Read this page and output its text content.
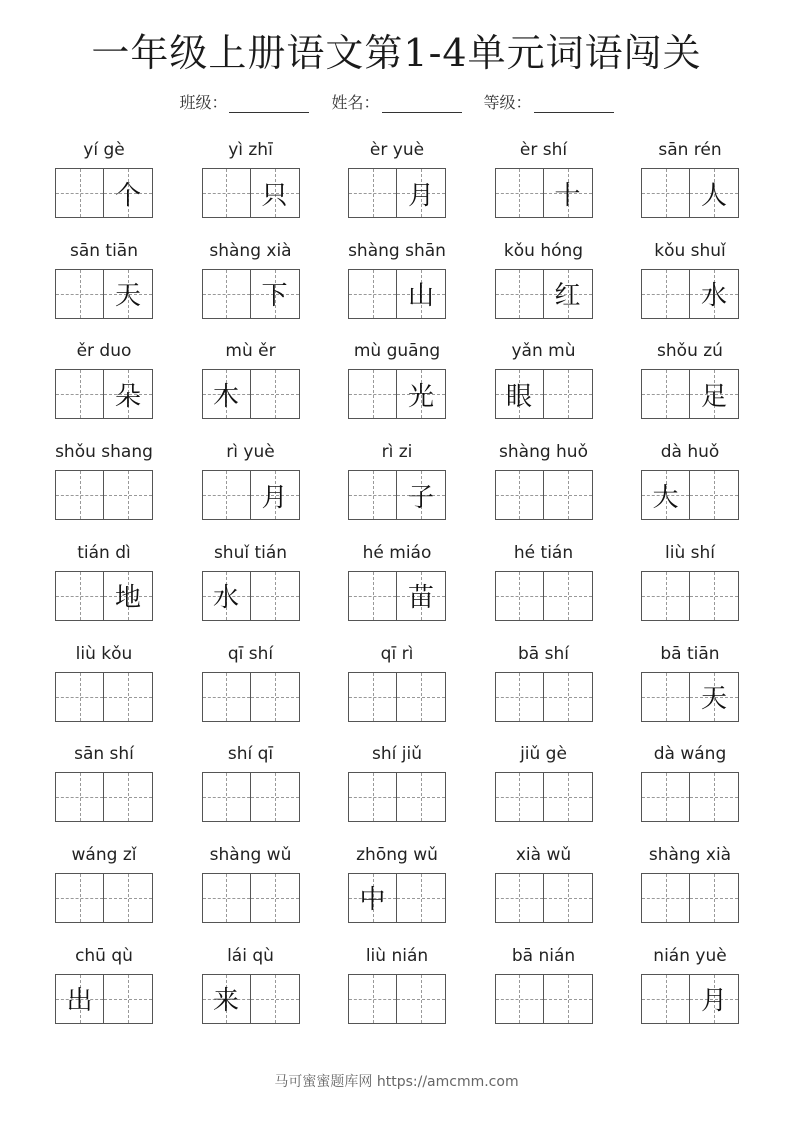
一年级上册语文第1-4单元词语闯关
班级：	姓名：	等级：
yí gè
个
yì zhī
只
èr yuè
月
èr shí
十
sān rén
人
sān tiān
天
shàng xià
下
shàng shān
山
kǒu hóng
红
kǒu shuǐ
水
ěr duo
朵
mù ěr
木
mù guāng
光
yǎn mù
眼
shǒu zú
足
shǒu shang	rì yuè
月
rì zi
子
shàng huǒ	dà huǒ
大
tián dì
地
shuǐ tián
水
hé miáo
苗
hé tián	liù shí
liù kǒu	qī shí	qī rì	bā shí	bā tiān
天
sān shí	shí qī	shí jiǔ	jiǔ gè	dà wáng
wáng zǐ	shàng wǔ	zhōng wǔ
中
xià wǔ	shàng xià
chū qù
出
lái qù
来
liù nián	bā nián	nián yuè
月
马可蜜蜜题库网 https://amcmm.com
